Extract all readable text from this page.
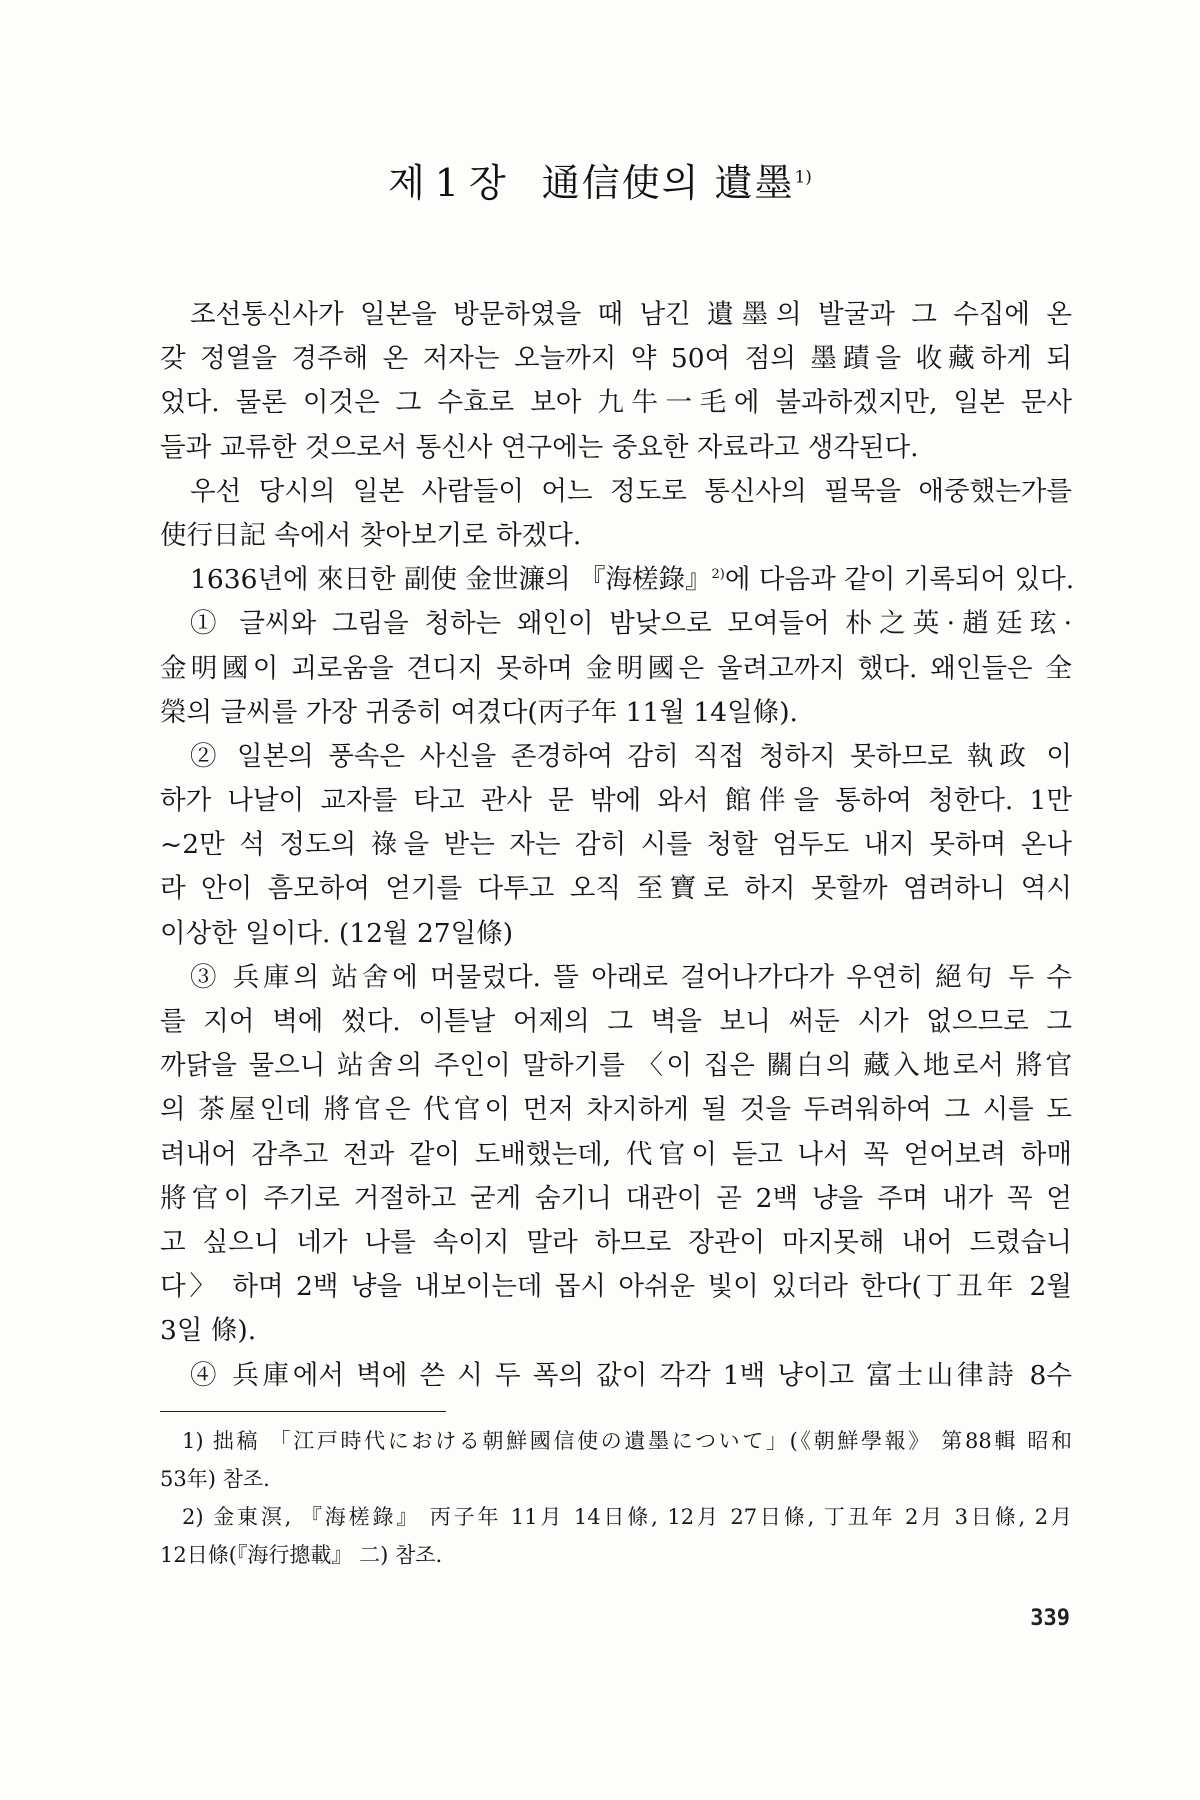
제 1 장 通信使의 遺墨$^{1)}$
조선통신사가 일본을 방문하였을 때 남긴 遺墨의 발굴과 그 수집에 온
갖 정열을 경주해 온 저자는 오늘까지 약 50여 점의 墨蹟을 收藏하게 되
었다. 물론 이것은 그 수효로 보아 九牛一毛에 불과하겠지만, 일본 문사
들과 교류한 것으로서 통신사 연구에는 중요한 자료라고 생각된다.
우선 당시의 일본 사람들이 어느 정도로 통신사의 필묵을 애중했는가를
使行日記 속에서 찾아보기로 하겠다.
1636년에 來日한 副使 金世濂의 『海槎錄』$^{2)}$에 다음과 같이 기록되어 있다.
① 글씨와 그림을 청하는 왜인이 밤낮으로 모여들어 朴之英·趙廷玹·
金明國이 괴로움을 견디지 못하며 金明國은 울려고까지 했다. 왜인들은 全
榮의 글씨를 가장 귀중히 여겼다(丙子年 11월 14일條).
② 일본의 풍속은 사신을 존경하여 감히 직접 청하지 못하므로 執政 이
하가 나날이 교자를 타고 관사 문 밖에 와서 館伴을 통하여 청한다. 1만
~2만 석 정도의 祿을 받는 자는 감히 시를 청할 엄두도 내지 못하며 온나
라 안이 흠모하여 얻기를 다투고 오직 至寶로 하지 못할까 염려하니 역시
이상한 일이다. (12월 27일條)
③ 兵庫의 站舍에 머물렀다. 뜰 아래로 걸어나가다가 우연히 絕句 두 수
를 지어 벽에 썼다. 이튿날 어제의 그 벽을 보니 써둔 시가 없으므로 그
까닭을 물으니 站舍의 주인이 말하기를 〈이 집은 關白의 藏入地로서 將官
의 茶屋인데 將官은 代官이 먼저 차지하게 될 것을 두려워하여 그 시를 도
려내어 감추고 전과 같이 도배했는데, 代官이 듣고 나서 꼭 얻어보려 하매
將官이 주기로 거절하고 굳게 숨기니 대관이 곧 2백 냥을 주며 내가 꼭 얻
고 싶으니 네가 나를 속이지 말라 하므로 장관이 마지못해 내어 드렸습니
다〉 하며 2백 냥을 내보이는데 몹시 아쉬운 빛이 있더라 한다(丁丑年 2월
3일 條).
④ 兵庫에서 벽에 쓴 시 두 폭의 값이 각각 1백 냥이고 富士山律詩 8수
1) 拙稿 「江戸時代における朝鮮國信使の遺墨について」(《朝鮮學報》 第88輯 昭和
53年) 참조.
2) 金東溟, 『海槎錄』 丙子年 11月 14日條, 12月 27日條, 丁丑年 2月 3日條, 2月
12日條(『海行摠載』 二) 참조.
339
